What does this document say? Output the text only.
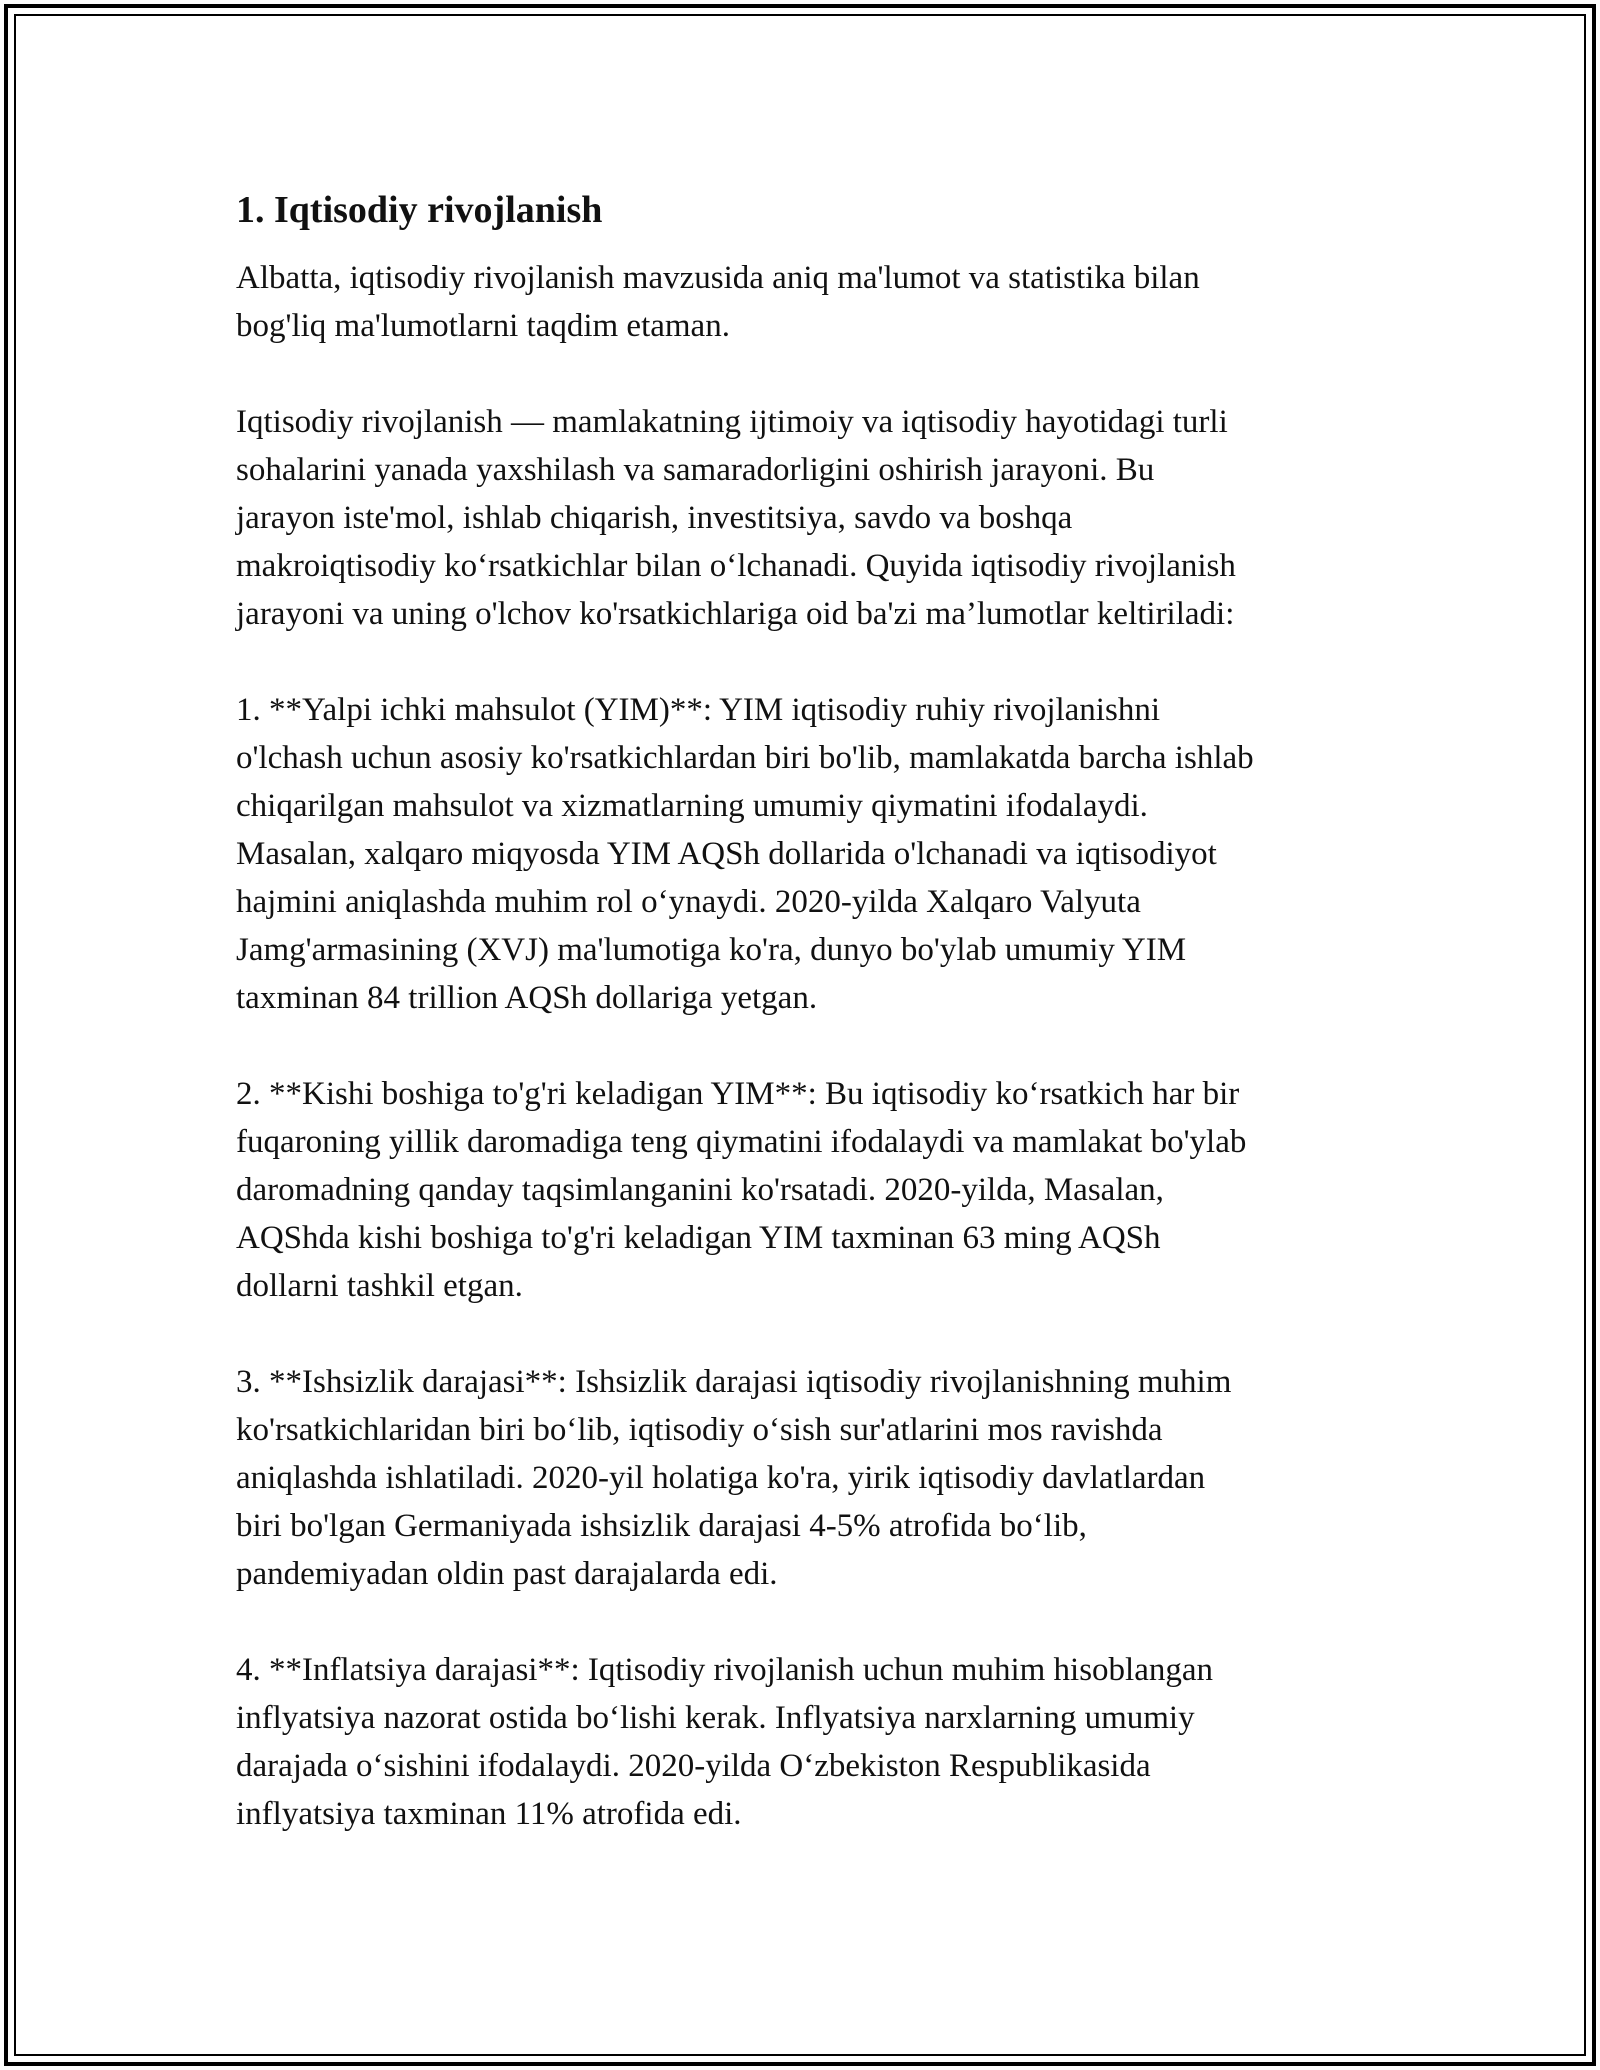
1. Iqtisodiy rivojlanish

Albatta, iqtisodiy rivojlanish mavzusida aniq ma'lumot va statistika bilan
bog'liq ma'lumotlarni taqdim etaman.

Iqtisodiy rivojlanish — mamlakatning ijtimoiy va iqtisodiy hayotidagi turli
sohalarini yanada yaxshilash va samaradorligini oshirish jarayoni. Bu
jarayon iste'mol, ishlab chiqarish, investitsiya, savdo va boshqa
makroiqtisodiy koʻrsatkichlar bilan oʻlchanadi. Quyida iqtisodiy rivojlanish
jarayoni va uning o'lchov ko'rsatkichlariga oid ba'zi ma’lumotlar keltiriladi:

1. **Yalpi ichki mahsulot (YIM)**: YIM iqtisodiy ruhiy rivojlanishni
o'lchash uchun asosiy ko'rsatkichlardan biri bo'lib, mamlakatda barcha ishlab
chiqarilgan mahsulot va xizmatlarning umumiy qiymatini ifodalaydi.
Masalan, xalqaro miqyosda YIM AQSh dollarida o'lchanadi va iqtisodiyot
hajmini aniqlashda muhim rol oʻynaydi. 2020-yilda Xalqaro Valyuta
Jamg'armasining (XVJ) ma'lumotiga ko'ra, dunyo bo'ylab umumiy YIM
taxminan 84 trillion AQSh dollariga yetgan.

2. **Kishi boshiga to'g'ri keladigan YIM**: Bu iqtisodiy koʻrsatkich har bir
fuqaroning yillik daromadiga teng qiymatini ifodalaydi va mamlakat bo'ylab
daromadning qanday taqsimlanganini ko'rsatadi. 2020-yilda, Masalan,
AQShda kishi boshiga to'g'ri keladigan YIM taxminan 63 ming AQSh
dollarni tashkil etgan.

3. **Ishsizlik darajasi**: Ishsizlik darajasi iqtisodiy rivojlanishning muhim
ko'rsatkichlaridan biri boʻlib, iqtisodiy oʻsish sur'atlarini mos ravishda
aniqlashda ishlatiladi. 2020-yil holatiga ko'ra, yirik iqtisodiy davlatlardan
biri bo'lgan Germaniyada ishsizlik darajasi 4-5% atrofida boʻlib,
pandemiyadan oldin past darajalarda edi.

4. **Inflatsiya darajasi**: Iqtisodiy rivojlanish uchun muhim hisoblangan
inflyatsiya nazorat ostida boʻlishi kerak. Inflyatsiya narxlarning umumiy
darajada oʻsishini ifodalaydi. 2020-yilda Oʻzbekiston Respublikasida
inflyatsiya taxminan 11% atrofida edi.
